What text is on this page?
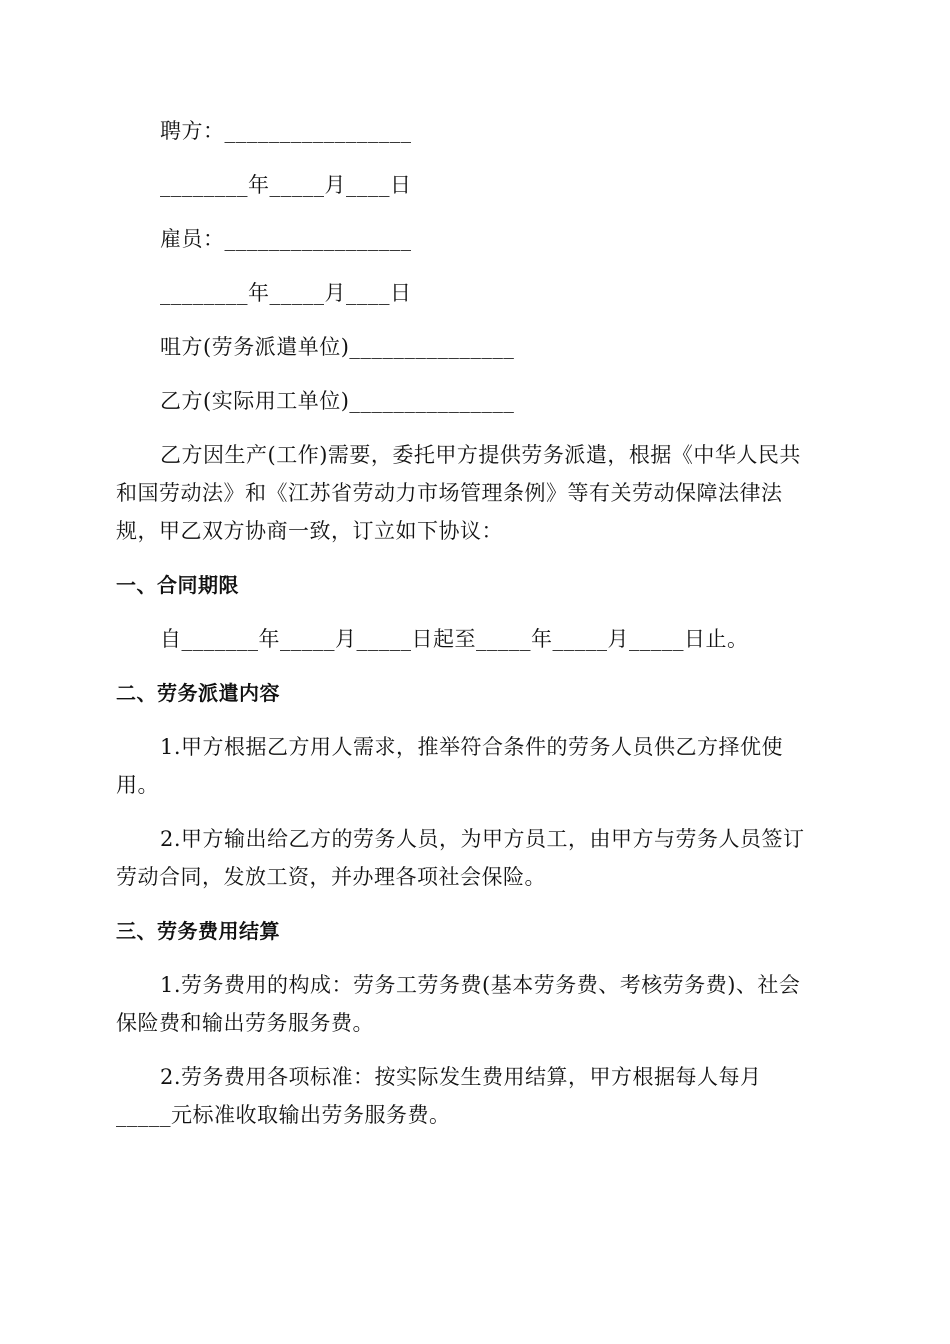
聘方：_________________
________年_____月____日
雇员：_________________
________年_____月____日
咀方(劳务派遣单位)_______________
乙方(实际用工单位)_______________
乙方因生产(工作)需要，委托甲方提供劳务派遣，根据《中华人民共
和国劳动法》和《江苏省劳动力市场管理条例》等有关劳动保障法律法
规，甲乙双方协商一致，订立如下协议：
一、合同期限
自_______年_____月_____日起至_____年_____月_____日止。
二、劳务派遣内容
1.甲方根据乙方用人需求，推举符合条件的劳务人员供乙方择优使
用。
2.甲方输出给乙方的劳务人员，为甲方员工，由甲方与劳务人员签订
劳动合同，发放工资，并办理各项社会保险。
三、劳务费用结算
1.劳务费用的构成：劳务工劳务费(基本劳务费、考核劳务费)、社会
保险费和输出劳务服务费。
2.劳务费用各项标准：按实际发生费用结算，甲方根据每人每月
_____元标准收取输出劳务服务费。
